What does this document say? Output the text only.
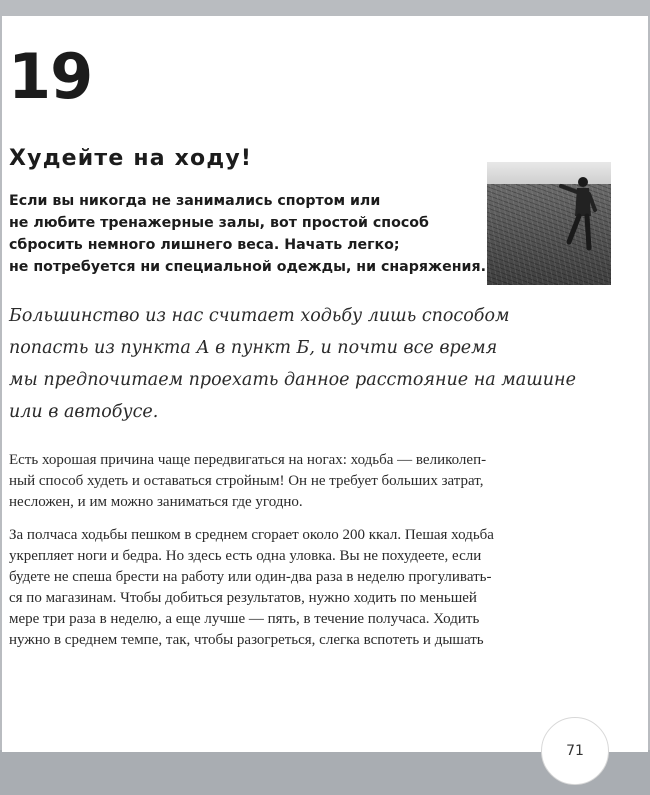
19
Худейте на ходу!
Если вы никогда не занимались спортом или
не любите тренажерные залы, вот простой способ
сбросить немного лишнего веса. Начать легко;
не потребуется ни специальной одежды, ни снаряжения.
Большинство из нас считает ходьбу лишь способом
попасть из пункта А в пункт Б, и почти все время
мы предпочитаем проехать данное расстояние на машине
или в автобусе.
Есть хорошая причина чаще передвигаться на ногах: ходьба — великолеп-
ный способ худеть и оставаться стройным! Он не требует больших затрат,
несложен, и им можно заниматься где угодно.
За полчаса ходьбы пешком в среднем сгорает около 200 ккал. Пешая ходьба
укрепляет ноги и бедра. Но здесь есть одна уловка. Вы не похудеете, если
будете не спеша брести на работу или один-два раза в неделю прогуливать-
ся по магазинам. Чтобы добиться результатов, нужно ходить по меньшей
мере три раза в неделю, а еще лучше — пять, в течение получаса. Ходить
нужно в среднем темпе, так, чтобы разогреться, слегка вспотеть и дышать
71
